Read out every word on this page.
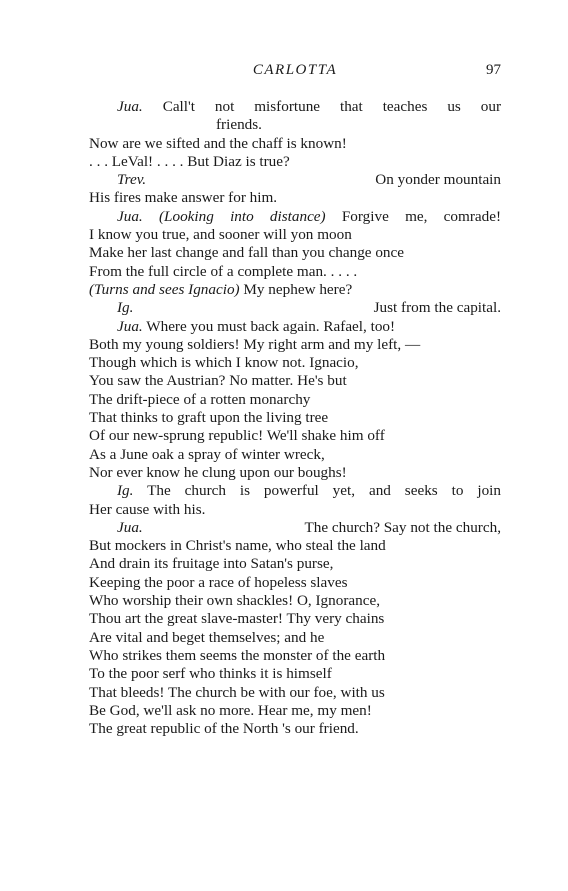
CARLOTTA	97
Jua. Call't not misfortune that teaches us our
friends.
Now are we sifted and the chaff is known!
. . . LeVal! . . . . But Diaz is true?
Trev.	On yonder mountain
His fires make answer for him.
Jua. (Looking into distance) Forgive me, comrade!
I know you true, and sooner will yon moon
Make her last change and fall than you change once
From the full circle of a complete man. . . . .
(Turns and sees Ignacio) My nephew here?
Ig.	Just from the capital.
Jua. Where you must back again. Rafael, too!
Both my young soldiers! My right arm and my left, —
Though which is which I know not. Ignacio,
You saw the Austrian? No matter. He's but
The drift-piece of a rotten monarchy
That thinks to graft upon the living tree
Of our new-sprung republic! We'll shake him off
As a June oak a spray of winter wreck,
Nor ever know he clung upon our boughs!
Ig. The church is powerful yet, and seeks to join
Her cause with his.
Jua.	The church? Say not the church,
But mockers in Christ's name, who steal the land
And drain its fruitage into Satan's purse,
Keeping the poor a race of hopeless slaves
Who worship their own shackles! O, Ignorance,
Thou art the great slave-master! Thy very chains
Are vital and beget themselves; and he
Who strikes them seems the monster of the earth
To the poor serf who thinks it is himself
That bleeds! The church be with our foe, with us
Be God, we'll ask no more. Hear me, my men!
The great republic of the North 's our friend.
